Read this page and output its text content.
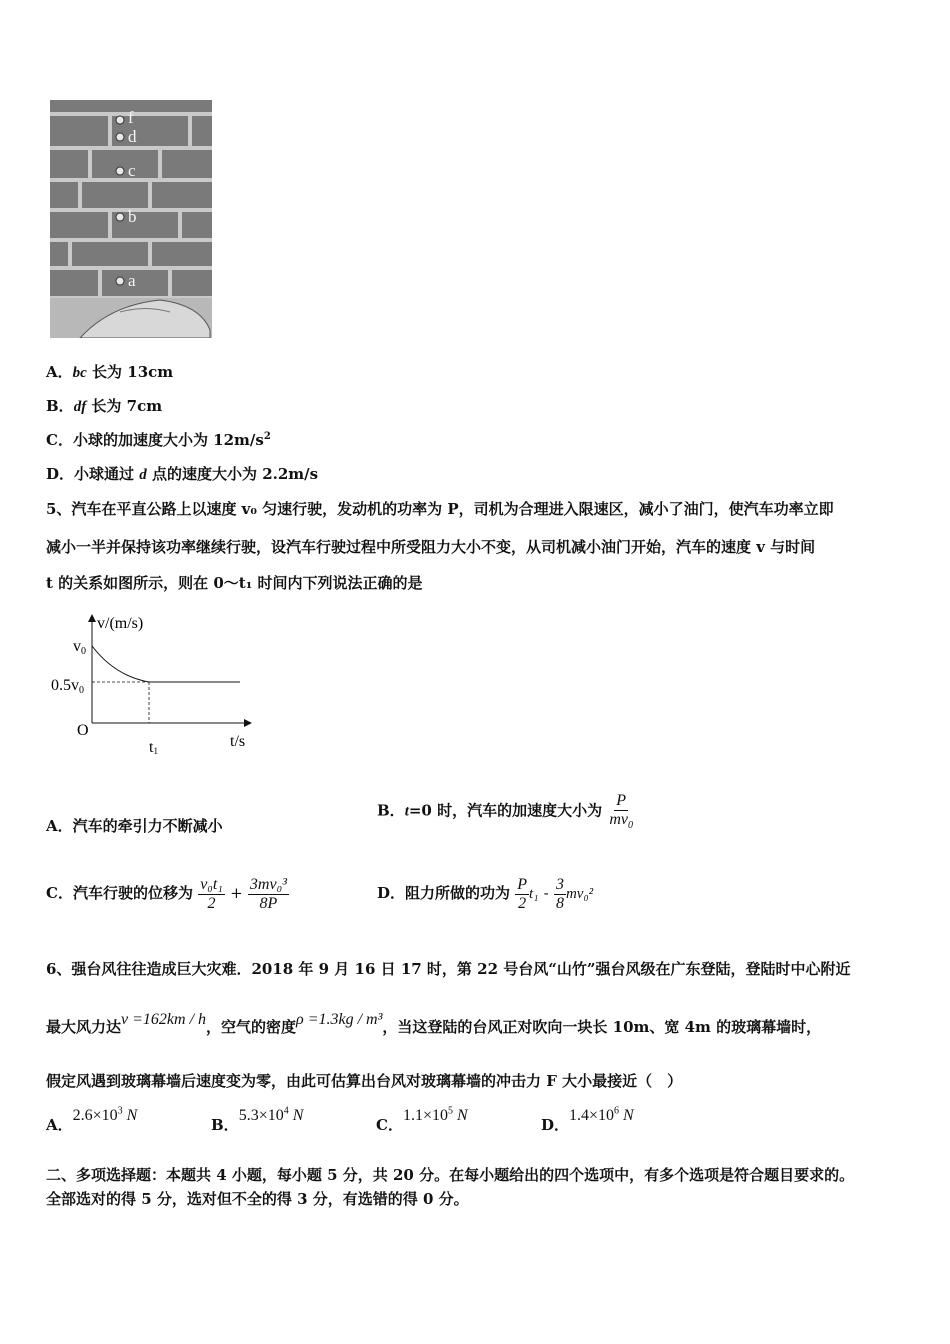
f
d
c
b
a
A．bc 长为 13cm
B．df 长为 7cm
C．小球的加速度大小为 $12m/s^2$
D．小球通过 d 点的速度大小为 2.2m/s
5、汽车在平直公路上以速度 v₀ 匀速行驶，发动机的功率为 P，司机为合理进入限速区，减小了油门，使汽车功率立即
减小一半并保持该功率继续行驶，设汽车行驶过程中所受阻力大小不变，从司机减小油门开始，汽车的速度 v 与时间
t 的关系如图所示，则在 0～t₁ 时间内下列说法正确的是
v/(m/s)
t/s
v0
0.5v0
O
t1
A．汽车的牵引力不断减小
B．t=0 时，汽车的加速度大小为 $\frac{P}{mv_0}$
C．汽车行驶的位移为 $\frac{\text{v₀t₁}}{2} + \frac{\text{3mv₀³}}{8P}$	D．阻力所做的功为 $\frac{P}{2} t_1 - \frac{3}{8} mv_0^2$
6、强台风往往造成巨大灾难．2018 年 9 月 16 日 17 时，第 22 号台风“山竹”强台风级在广东登陆，登陆时中心附近
最大风力达v =162km / h，空气的密度ρ =1.3kg / m³，当这登陆的台风正对吹向一块长 10m、宽 4m 的玻璃幕墙时，
假定风遇到玻璃幕墙后速度变为零，由此可估算出台风对玻璃幕墙的冲击力 F 大小最接近（　）
A．$2.6\times 10^3$ N
B．$5.3\times 10^4$ N
C．$1.1\times 10^5$ N
D．$1.4\times 10^6$ N
二、多项选择题：本题共 4 小题，每小题 5 分，共 20 分。在每小题给出的四个选项中，有多个选项是符合题目要求的。
全部选对的得 5 分，选对但不全的得 3 分，有选错的得 0 分。
